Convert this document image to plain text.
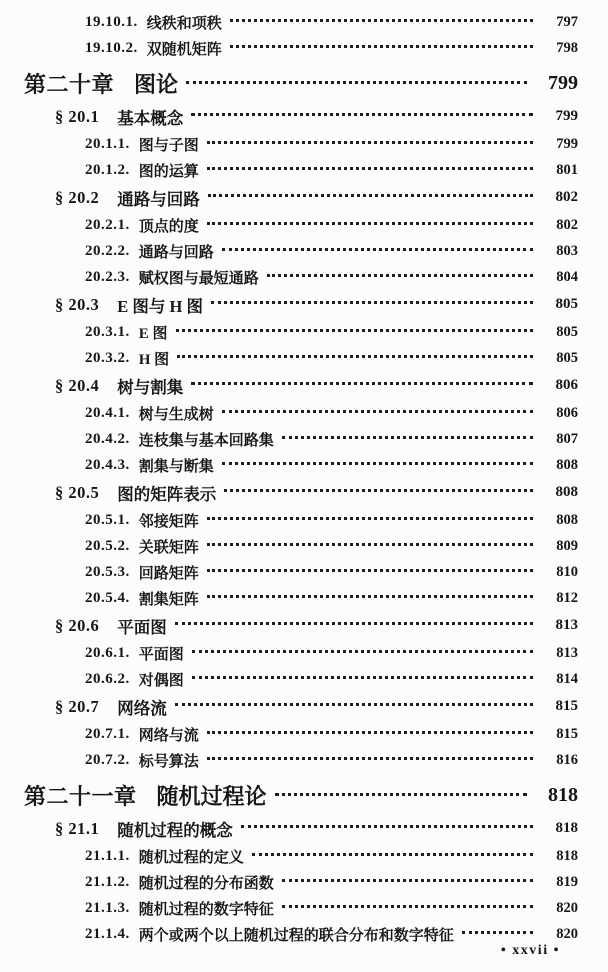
19.10.1. 线秩和项秩	797
19.10.2. 双随机矩阵	798
第二十章 图论	799
§ 20.1 基本概念	799
20.1.1. 图与子图	799
20.1.2. 图的运算	801
§ 20.2 通路与回路	802
20.2.1. 顶点的度	802
20.2.2. 通路与回路	803
20.2.3. 赋权图与最短通路	804
§ 20.3 E 图与 H 图	805
20.3.1. E 图	805
20.3.2. H 图	805
§ 20.4 树与割集	806
20.4.1. 树与生成树	806
20.4.2. 连枝集与基本回路集	807
20.4.3. 割集与断集	808
§ 20.5 图的矩阵表示	808
20.5.1. 邻接矩阵	808
20.5.2. 关联矩阵	809
20.5.3. 回路矩阵	810
20.5.4. 割集矩阵	812
§ 20.6 平面图	813
20.6.1. 平面图	813
20.6.2. 对偶图	814
§ 20.7 网络流	815
20.7.1. 网络与流	815
20.7.2. 标号算法	816
第二十一章 随机过程论	818
§ 21.1 随机过程的概念	818
21.1.1. 随机过程的定义	818
21.1.2. 随机过程的分布函数	819
21.1.3. 随机过程的数字特征	820
21.1.4. 两个或两个以上随机过程的联合分布和数字特征	820
• xxvii •
